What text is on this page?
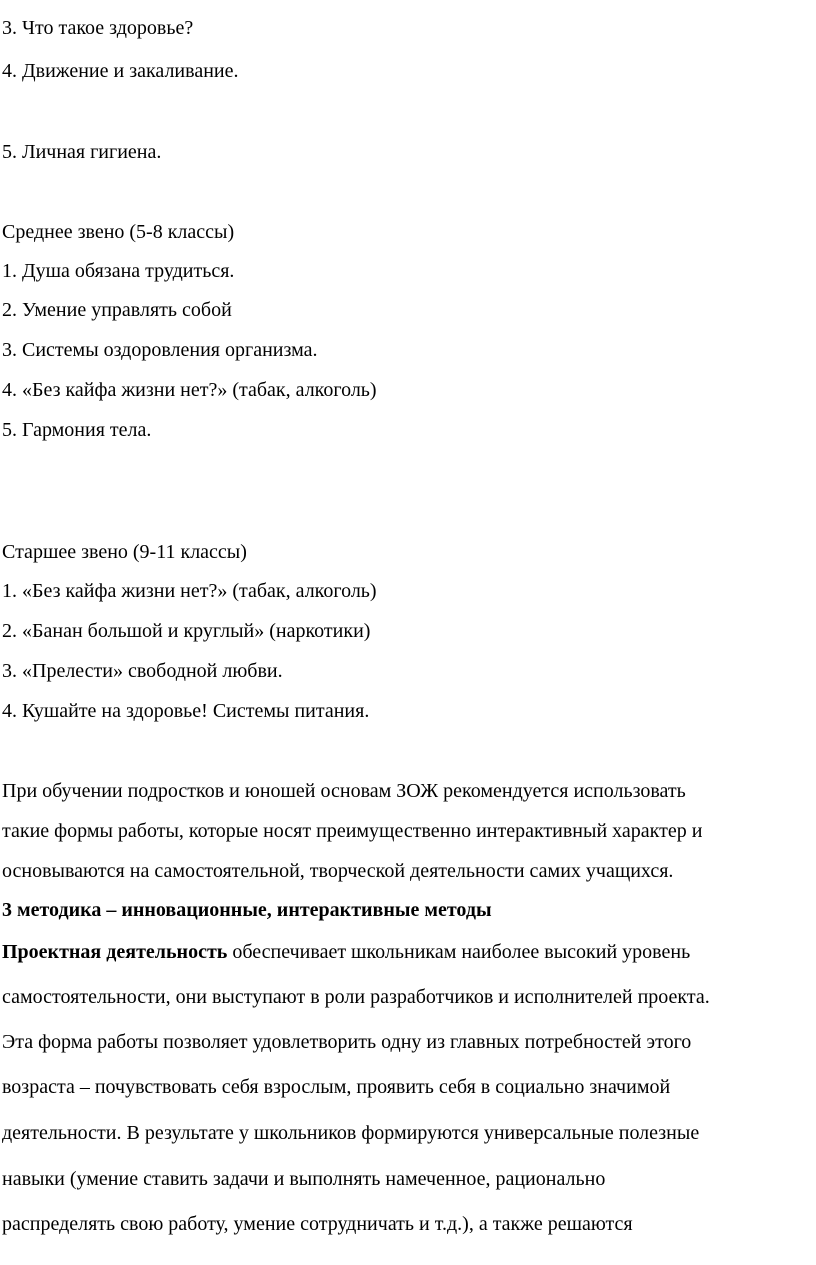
3. Что такое здоровье?
4. Движение и закаливание.
5. Личная гигиена.
Среднее звено (5-8 классы)
1. Душа обязана трудиться.
2. Умение управлять собой
3. Системы оздоровления организма.
4. «Без кайфа жизни нет?» (табак, алкоголь)
5. Гармония тела.
Старшее звено (9-11 классы)
1. «Без кайфа жизни нет?» (табак, алкоголь)
2. «Банан большой и круглый» (наркотики)
3. «Прелести» свободной любви.
4. Кушайте на здоровье! Системы питания.
При обучении подростков и юношей основам ЗОЖ рекомендуется использовать
такие формы работы, которые носят преимущественно интерактивный характер и
основываются на самостоятельной, творческой деятельности самих учащихся.
3 методика – инновационные, интерактивные методы
Проектная деятельность обеспечивает школьникам наиболее высокий уровень
самостоятельности, они выступают в роли разработчиков и исполнителей проекта.
Эта форма работы позволяет удовлетворить одну из главных потребностей этого
возраста – почувствовать себя взрослым, проявить себя в социально значимой
деятельности. В результате у школьников формируются универсальные полезные
навыки (умение ставить задачи и выполнять намеченное, рационально
распределять свою работу, умение сотрудничать и т.д.), а также решаются
